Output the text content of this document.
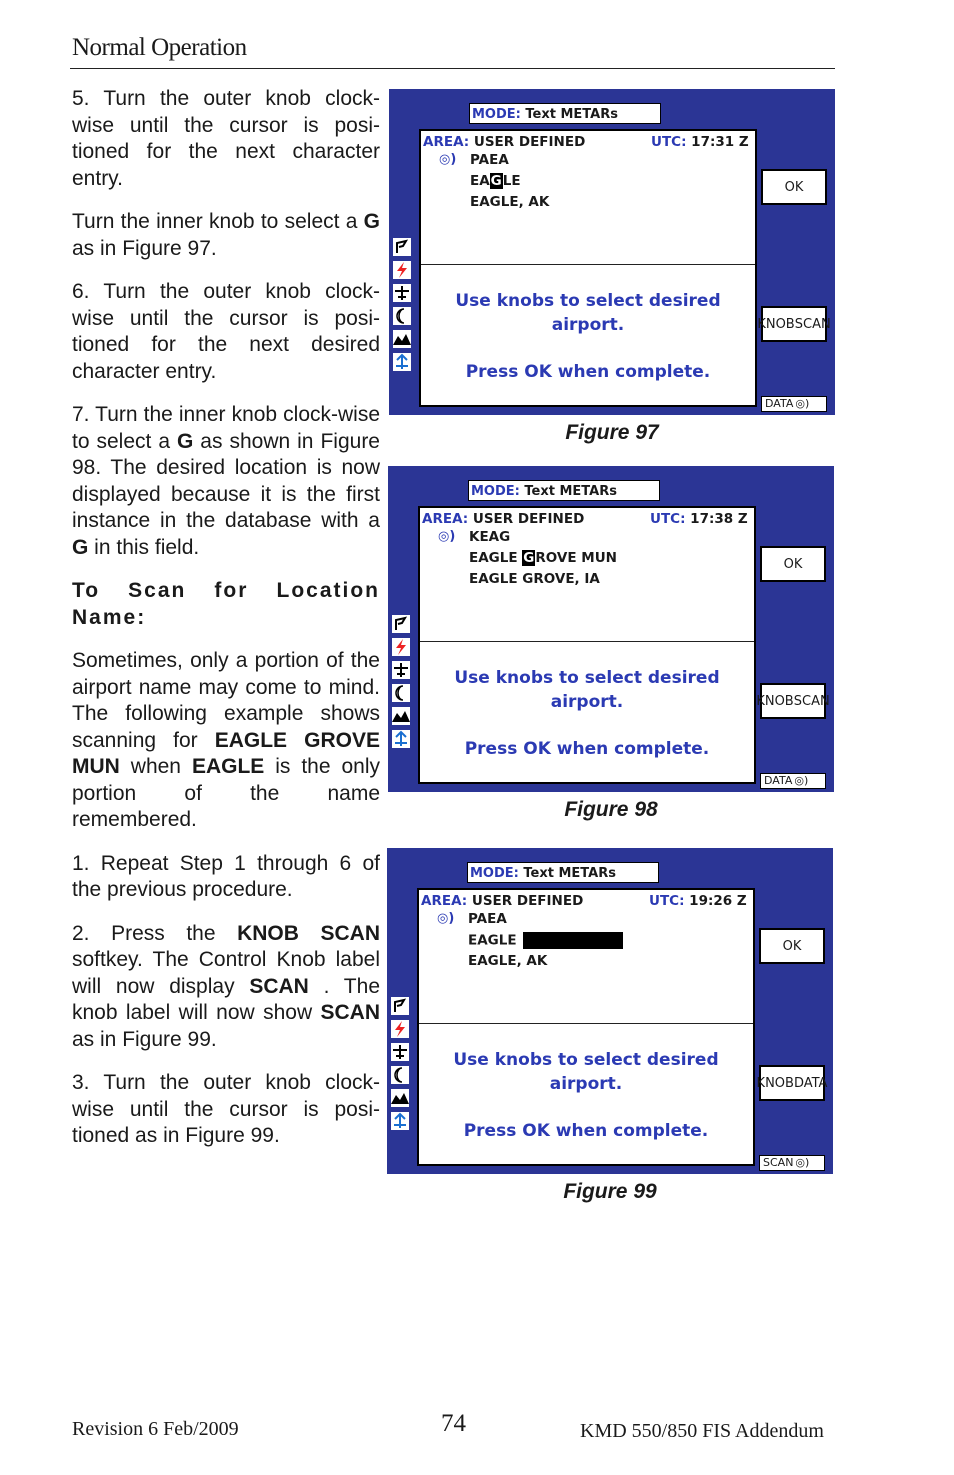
Normal Operation

5. Turn the outer knob clock-wise until the cursor is posi-tioned for the next character entry.

Turn the inner knob to select a G as in Figure 97.

6. Turn the outer knob clock-wise until the cursor is posi-tioned for the next desired character entry.

7. Turn the inner knob clock-wise to select a G as shown in Figure 98. The desired location is now displayed because it is the first instance in the database with a G in this field.

To Scan for Location Name:

Sometimes, only a portion of the airport name may come to mind. The following example shows scanning for EAGLE GROVE MUN when EAGLE is the only portion of the name remembered.

1. Repeat Step 1 through 6 of the previous procedure.

2. Press the KNOB SCAN softkey. The Control Knob label will now display SCAN . The knob label will now show SCAN as in Figure 99.

3. Turn the outer knob clock-wise until the cursor is posi-tioned as in Figure 99.

MODE: Text METARs
AREA: USER DEFINED	UTC: 17:31 Z
◎) PAEA
EAGLE
EAGLE, AK
Use knobs to select desired
airport.
Press OK when complete.
OK
KNOB SCAN
DATA ◎)
Figure 97
MODE: Text METARs
AREA: USER DEFINED	UTC: 17:38 Z
◎) KEAG
EAGLE GROVE MUN
EAGLE GROVE, IA
Use knobs to select desired
airport.
Press OK when complete.
OK
KNOB SCAN
DATA ◎)
Figure 98
MODE: Text METARs
AREA: USER DEFINED	UTC: 19:26 Z
◎) PAEA
EAGLE
EAGLE, AK
Use knobs to select desired
airport.
Press OK when complete.
OK
KNOB DATA
SCAN ◎)
Figure 99
Revision 6 Feb/2009	74	KMD 550/850 FIS Addendum
